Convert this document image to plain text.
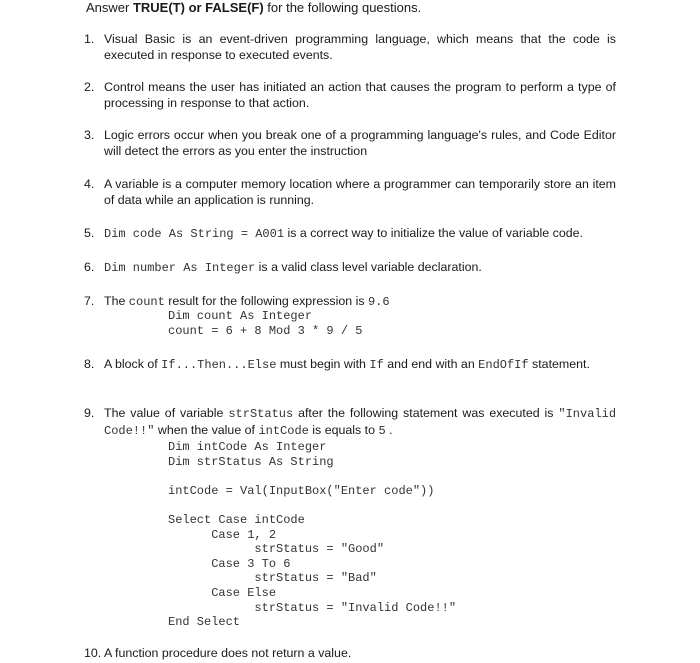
Answer TRUE(T) or FALSE(F) for the following questions.
1. Visual Basic is an event-driven programming language, which means that the code is executed in response to executed events.
2. Control means the user has initiated an action that causes the program to perform a type of processing in response to that action.
3. Logic errors occur when you break one of a programming language's rules, and Code Editor will detect the errors as you enter the instruction
4. A variable is a computer memory location where a programmer can temporarily store an item of data while an application is running.
5. Dim code As String = A001 is a correct way to initialize the value of variable code.
6. Dim number As Integer is a valid class level variable declaration.
7. The count result for the following expression is 9.6
Dim count As Integer
count = 6 + 8 Mod 3 * 9 / 5
8. A block of If...Then...Else must begin with If and end with an EndOfIf statement.
9. The value of variable strStatus after the following statement was executed is "Invalid Code!!" when the value of intCode is equals to 5 .
Dim intCode As Integer
Dim strStatus As String

intCode = Val(InputBox("Enter code"))

Select Case intCode
Case 1, 2
strStatus = "Good"
Case 3 To 6
strStatus = "Bad"
Case Else
strStatus = "Invalid Code!!"
End Select
10. A function procedure does not return a value.
